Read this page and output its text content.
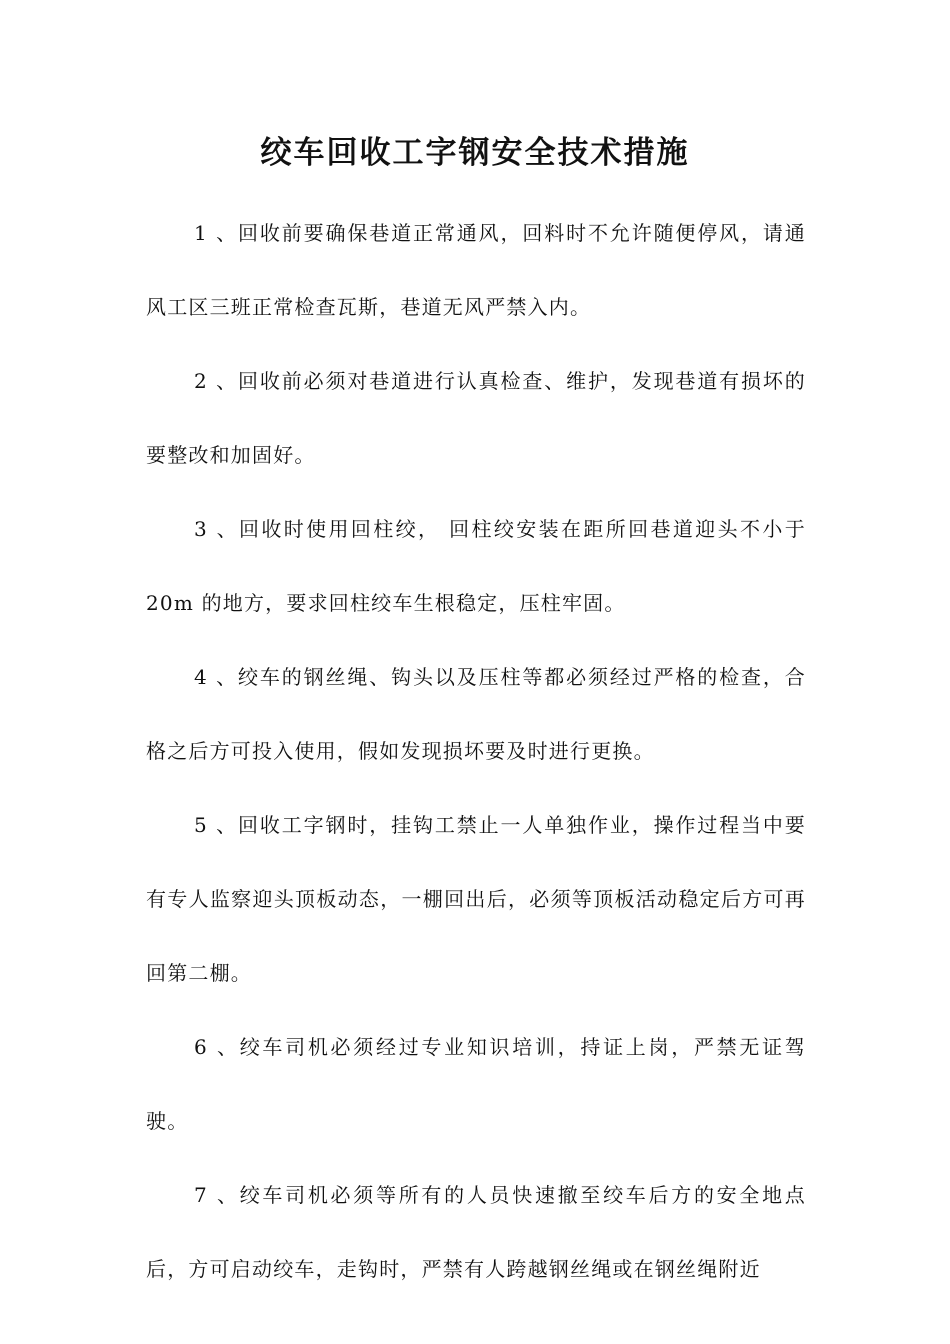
绞车回收工字钢安全技术措施

1 、回收前要确保巷道正常通风，回料时不允许随便停风，请通风工区三班正常检查瓦斯，巷道无风严禁入内。

2 、回收前必须对巷道进行认真检查、维护，发现巷道有损坏的要整改和加固好。

3 、回收时使用回柱绞， 回柱绞安装在距所回巷道迎头不小于20m 的地方，要求回柱绞车生根稳定，压柱牢固。

4 、绞车的钢丝绳、钩头以及压柱等都必须经过严格的检查，合格之后方可投入使用，假如发现损坏要及时进行更换。

5 、回收工字钢时，挂钩工禁止一人单独作业，操作过程当中要有专人监察迎头顶板动态，一棚回出后，必须等顶板活动稳定后方可再回第二棚。

6 、绞车司机必须经过专业知识培训，持证上岗，严禁无证驾驶。

7 、绞车司机必须等所有的人员快速撤至绞车后方的安全地点后，方可启动绞车，走钩时，严禁有人跨越钢丝绳或在钢丝绳附近
